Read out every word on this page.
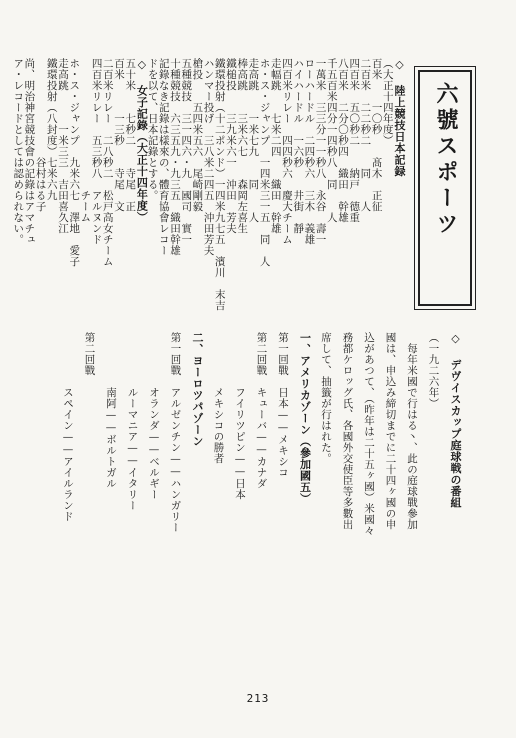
六號スポーツ
◇ 陸上競技日本記録
（大正十四年度）
百米　　一〇秒　　髙木　正征
二百米　二二秒二　　同　　人
四百米　五〇秒二　　納戸　德重
八百米　二分〇秒四　織田　幹雄
千五百米四分一四秒八　同　　人
一萬米　三三分一一秒八　永谷　壽一
ローハードル　二四秒六　三木　義雄
ハイハードル　一六秒　　井街　靜
四百米リレー　四四秒六　慶大チーム
走幅跳　　七米二四　　織田　幹雄
ホ・ス・ジャンプ　一四米三一五　同　人
走高跳　　一米七九　　同　　人
棒高跳　　三米六七　　森岡左喜生
鐵槌投　　三九米六一　沖田　芳夫
鐵環投射（十二ポンド）一四米九七五　濱川　末吉
ハンマー投げ　三八米二四五　沖田芳夫
槍投　　五四米五六　尾崎剛毅
五種競技　三一四六・九　國司　實一
十種競技　六三五九・九三五　織田幹雄
記錄なき記錄は樣來の、體育協會レコー
ドを以て、日本記錄とする。
◇ 女子記錄（大正十四年度）
五十米　　七秒二　　寺尾　正
百米　　　一三秒　　寺尾　文
二百米リレー　二八秒二　松戸高女チーム
四百米リレー　五三秒八　アルヌンド
　　　　　　　　　　　　チーム
ホ・ス・ジャンプ　九米六七　澤地　愛子
走高跳　　　一米三三　吉田喜久江
鐵環投射（八封度）七米六九
　　　　　　　　　谷村はる子
尚、明治神宮競技會の記錄はアマチュ
ア・レコードとしては認められない。
◇ デヴイスカップ庭球戦の番組
（一九二六年）
　每年米國で行はる丶、此の庭球戰參加
國は、申込み締切までに二十四ヶ國の申
込があつて、（昨年は二十五ヶ國）米國々
務都ケロッグ氏、各國外交使臣等多數出
席して、抽籤が行はれた。
一、アメリカゾーン（參加國五）
第一回戰　日本——メキシコ
第二回戰　キューバ——カナダ
　　　　　フイリツピン——日本
　　　　　メキシコの勝者
二、ヨーロツパゾーン
第一回戰　アルゼンチン——ハンガリー
　　　　　オランダ——ベルギー
　　　　　ルーマニア——イタリー
　　　　　南阿——ボルトガル
第二回戰
　　　　　スペイン——アイルランド
213
